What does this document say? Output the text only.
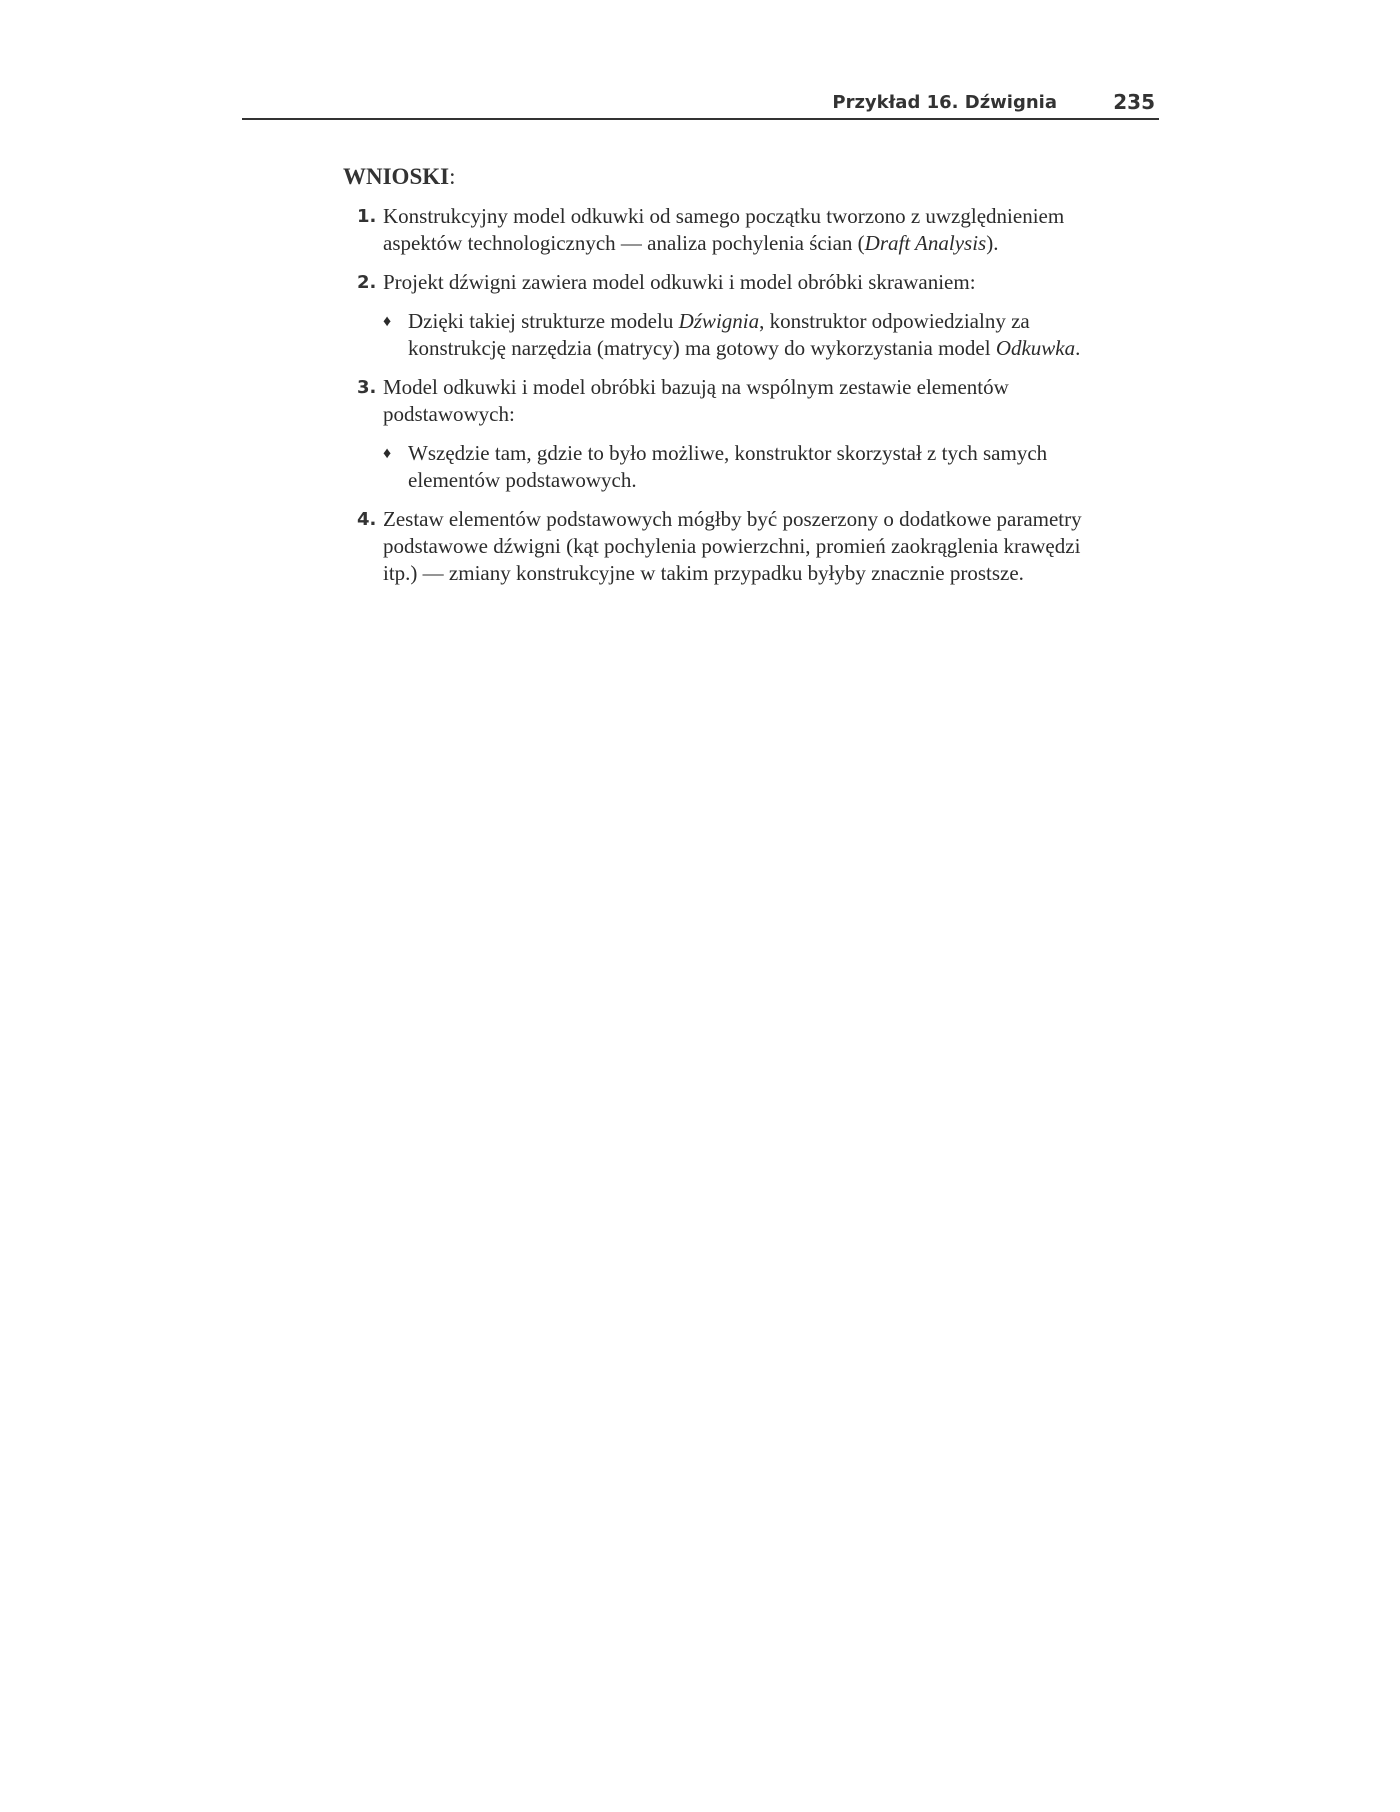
Przykład 16. Dźwignia	235
WNIOSKI:
1. Konstrukcyjny model odkuwki od samego początku tworzono z uwzględnieniem
aspektów technologicznych — analiza pochylenia ścian (Draft Analysis).
2. Projekt dźwigni zawiera model odkuwki i model obróbki skrawaniem:
♦ Dzięki takiej strukturze modelu Dźwignia, konstruktor odpowiedzialny za
konstrukcję narzędzia (matrycy) ma gotowy do wykorzystania model Odkuwka.
3. Model odkuwki i model obróbki bazują na wspólnym zestawie elementów
podstawowych:
♦ Wszędzie tam, gdzie to było możliwe, konstruktor skorzystał z tych samych
elementów podstawowych.
4. Zestaw elementów podstawowych mógłby być poszerzony o dodatkowe parametry
podstawowe dźwigni (kąt pochylenia powierzchni, promień zaokrąglenia krawędzi
itp.) — zmiany konstrukcyjne w takim przypadku byłyby znacznie prostsze.
